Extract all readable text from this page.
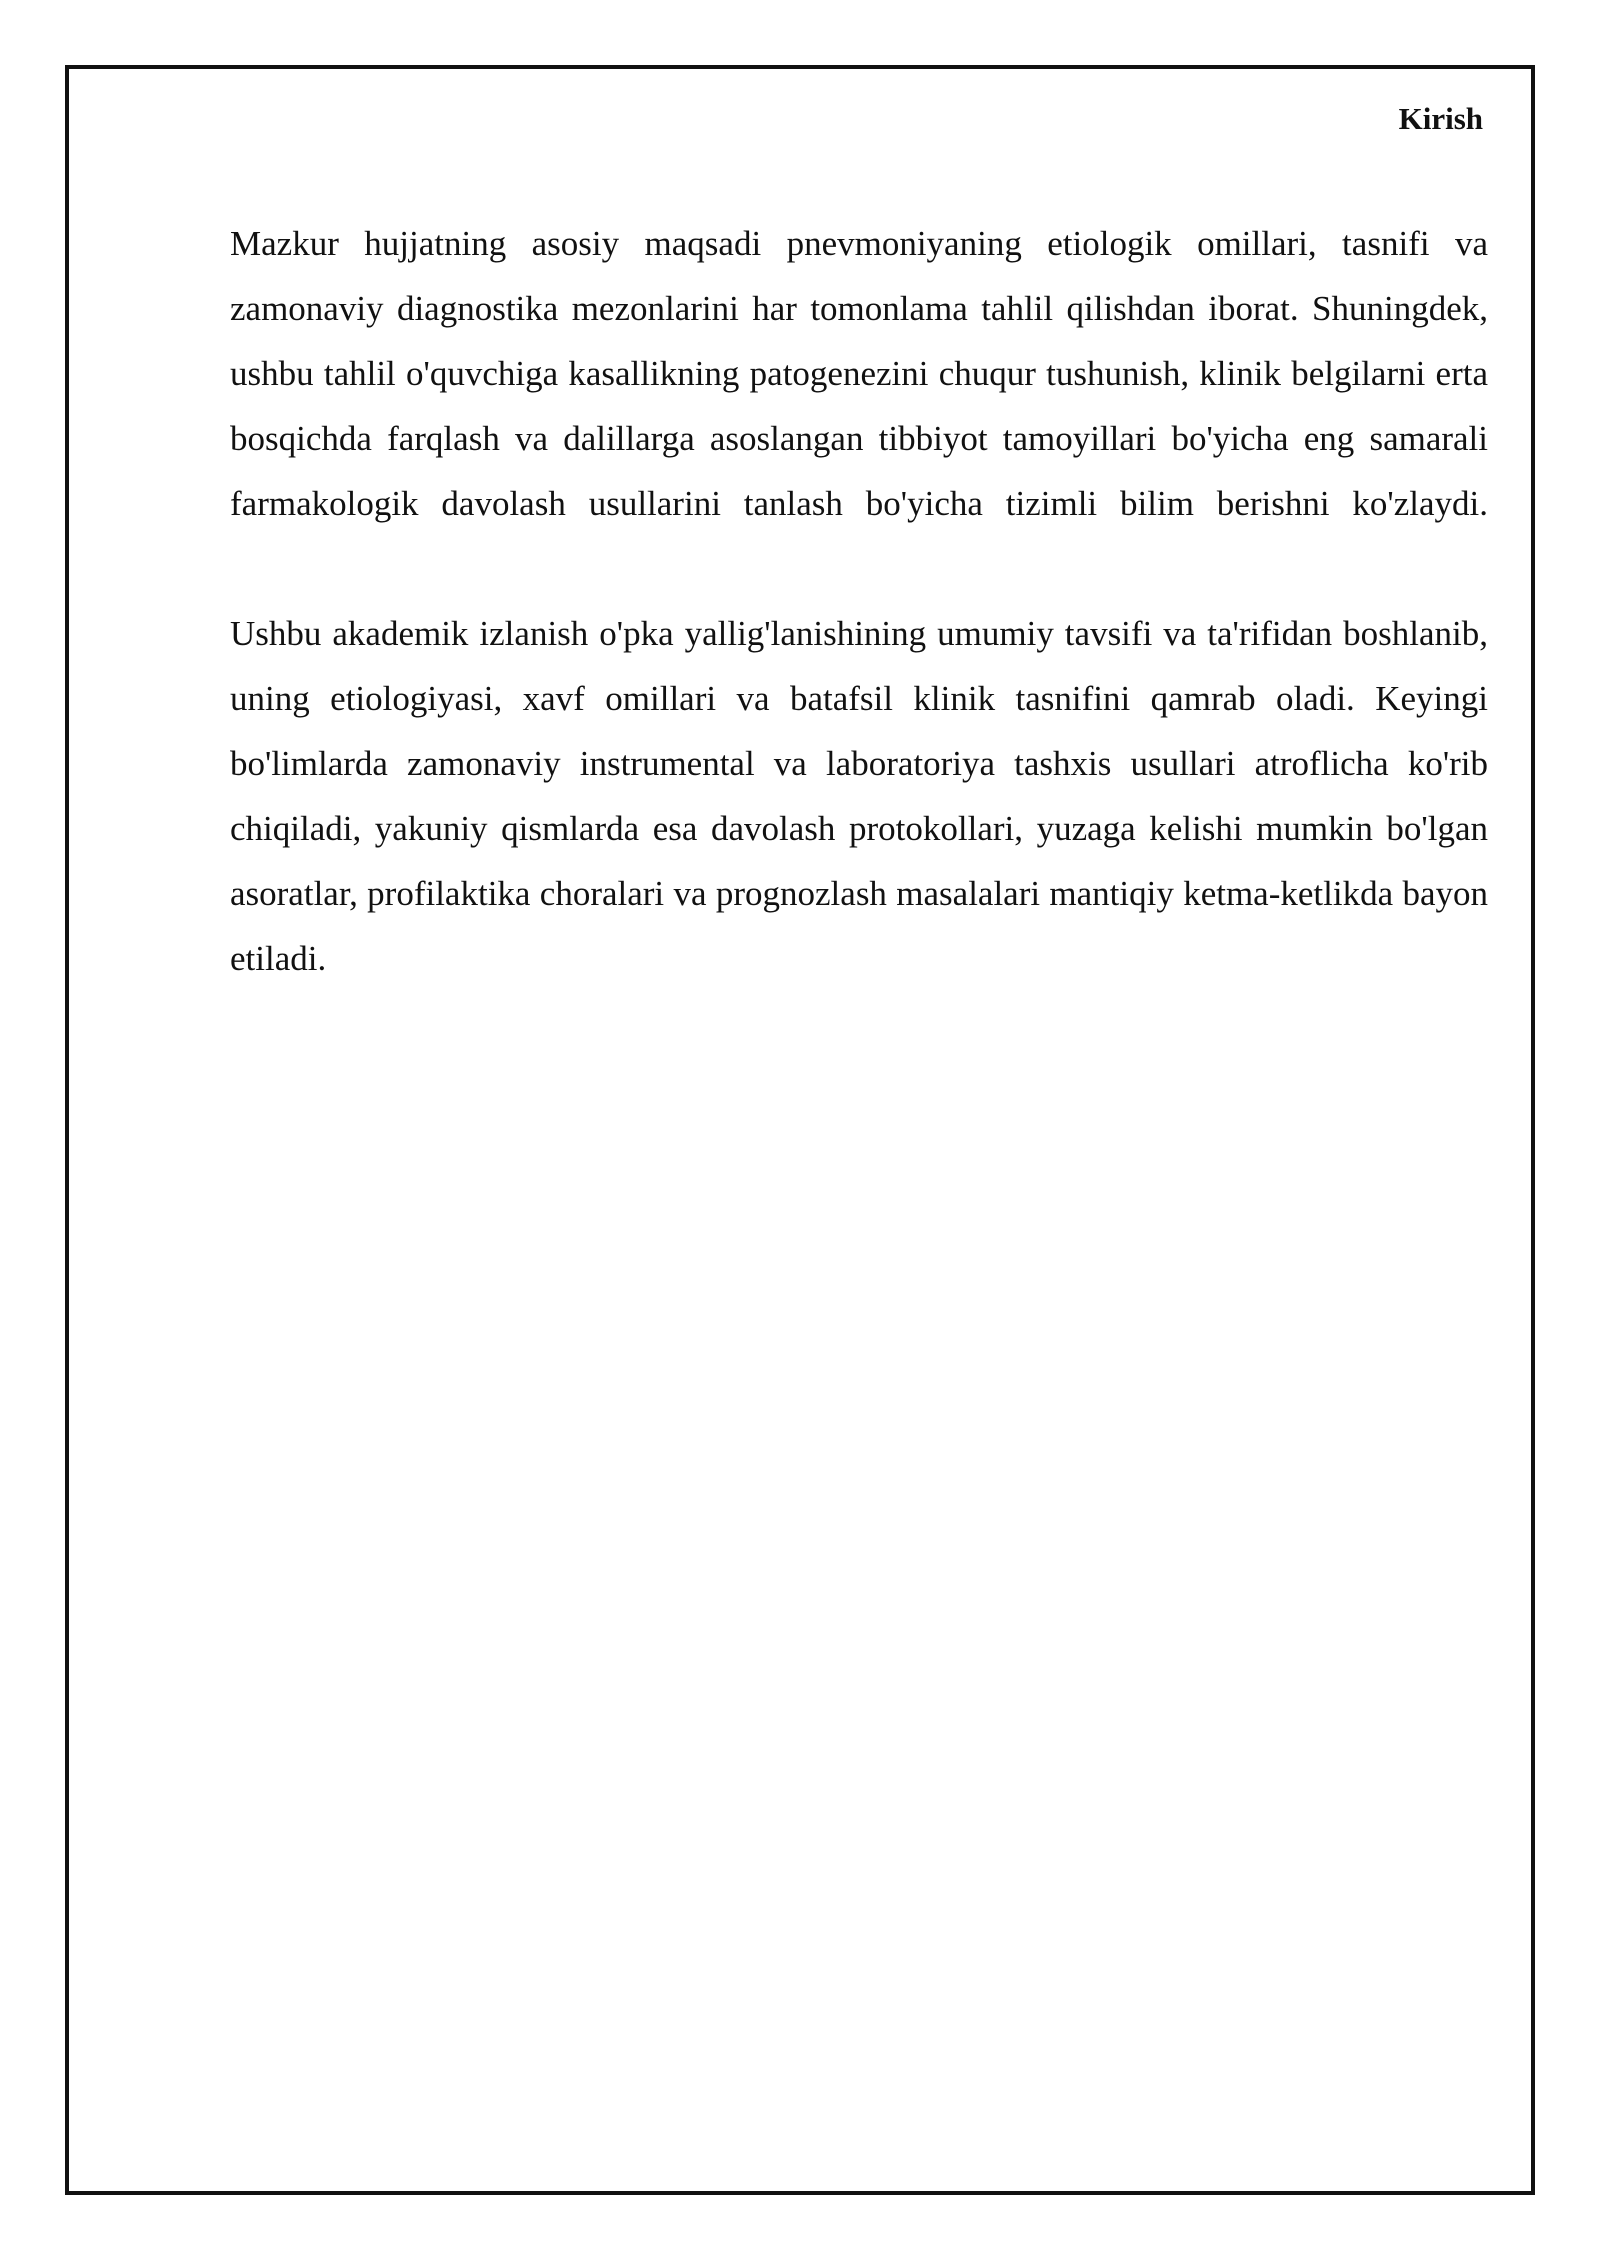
Kirish

Mazkur hujjatning asosiy maqsadi pnevmoniyaning etiologik omillari, tasnifi va zamonaviy diagnostika mezonlarini har tomonlama tahlil qilishdan iborat. Shuningdek, ushbu tahlil o'quvchiga kasallikning patogenezini chuqur tushunish, klinik belgilarni erta bosqichda farqlash va dalillarga asoslangan tibbiyot tamoyillari bo'yicha eng samarali farmakologik davolash usullarini tanlash bo'yicha tizimli bilim berishni ko'zlaydi.

Ushbu akademik izlanish o'pka yallig'lanishining umumiy tavsifi va ta'rifidan boshlanib, uning etiologiyasi, xavf omillari va batafsil klinik tasnifini qamrab oladi. Keyingi bo'limlarda zamonaviy instrumental va laboratoriya tashxis usullari atroflicha ko'rib chiqiladi, yakuniy qismlarda esa davolash protokollari, yuzaga kelishi mumkin bo'lgan asoratlar, profilaktika choralari va prognozlash masalalari mantiqiy ketma-ketlikda bayon etiladi.
